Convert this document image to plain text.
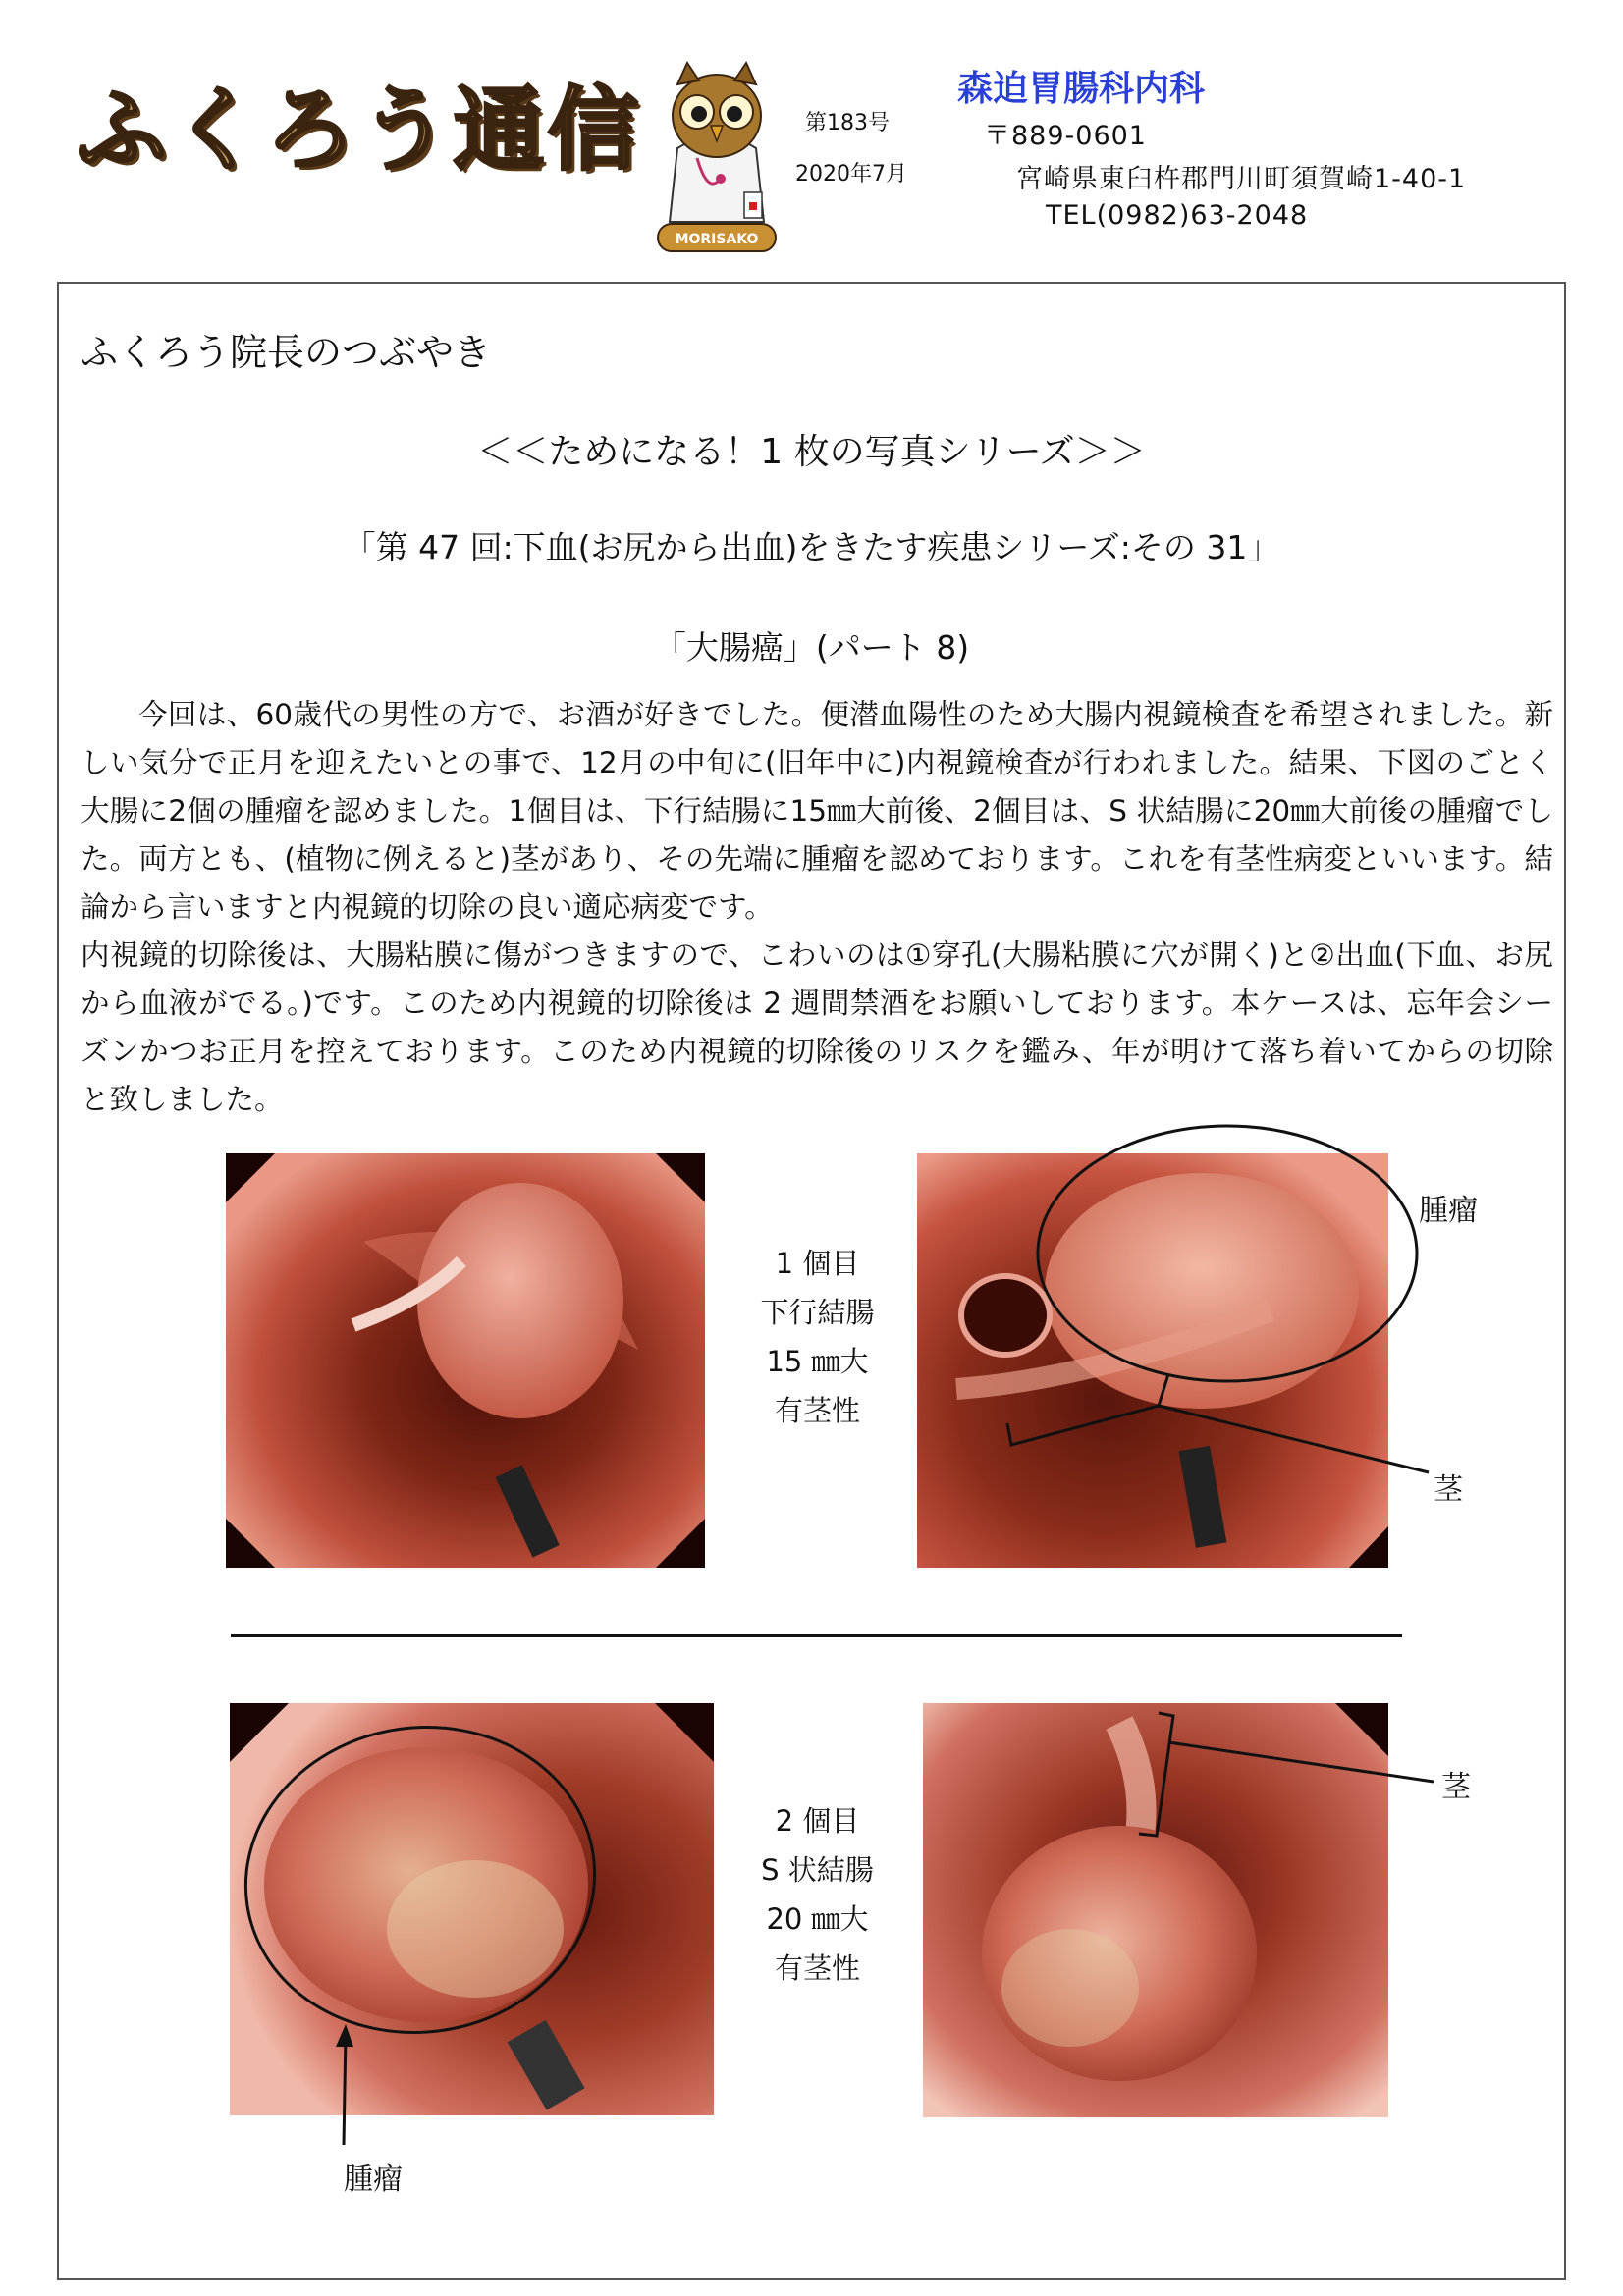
ふくろう通信
MORISAKO
第183号
2020年7月
森迫胃腸科内科
〒889-0601
宮崎県東臼杵郡門川町須賀崎1-40-1
TEL(0982)63-2048
ふくろう院長のつぶやき
＜＜ためになる！1 枚の写真シリーズ＞＞
「第 47 回:下血(お尻から出血)をきたす疾患シリーズ:その 31」
「大腸癌」(パート 8)

今回は、60歳代の男性の方で、お酒が好きでした。便潜血陽性のため大腸内視鏡検査を希望されました。新しい気分で正月を迎えたいとの事で、12月の中旬に(旧年中に)内視鏡検査が行われました。結果、下図のごとく大腸に2個の腫瘤を認めました。1個目は、下行結腸に15㎜大前後、2個目は、S 状結腸に20㎜大前後の腫瘤でした。両方とも、(植物に例えると)茎があり、その先端に腫瘤を認めております。これを有茎性病変といいます。結論から言いますと内視鏡的切除の良い適応病変です。

内視鏡的切除後は、大腸粘膜に傷がつきますので、こわいのは①穿孔(大腸粘膜に穴が開く)と②出血(下血、お尻から血液がでる。)です。このため内視鏡的切除後は 2 週間禁酒をお願いしております。本ケースは、忘年会シーズンかつお正月を控えております。このため内視鏡的切除後のリスクを鑑み、年が明けて落ち着いてからの切除と致しました。

1 個目
下行結腸
15 ㎜大
有茎性
腫瘤
茎
2 個目
S 状結腸
20 ㎜大
有茎性
茎
腫瘤
